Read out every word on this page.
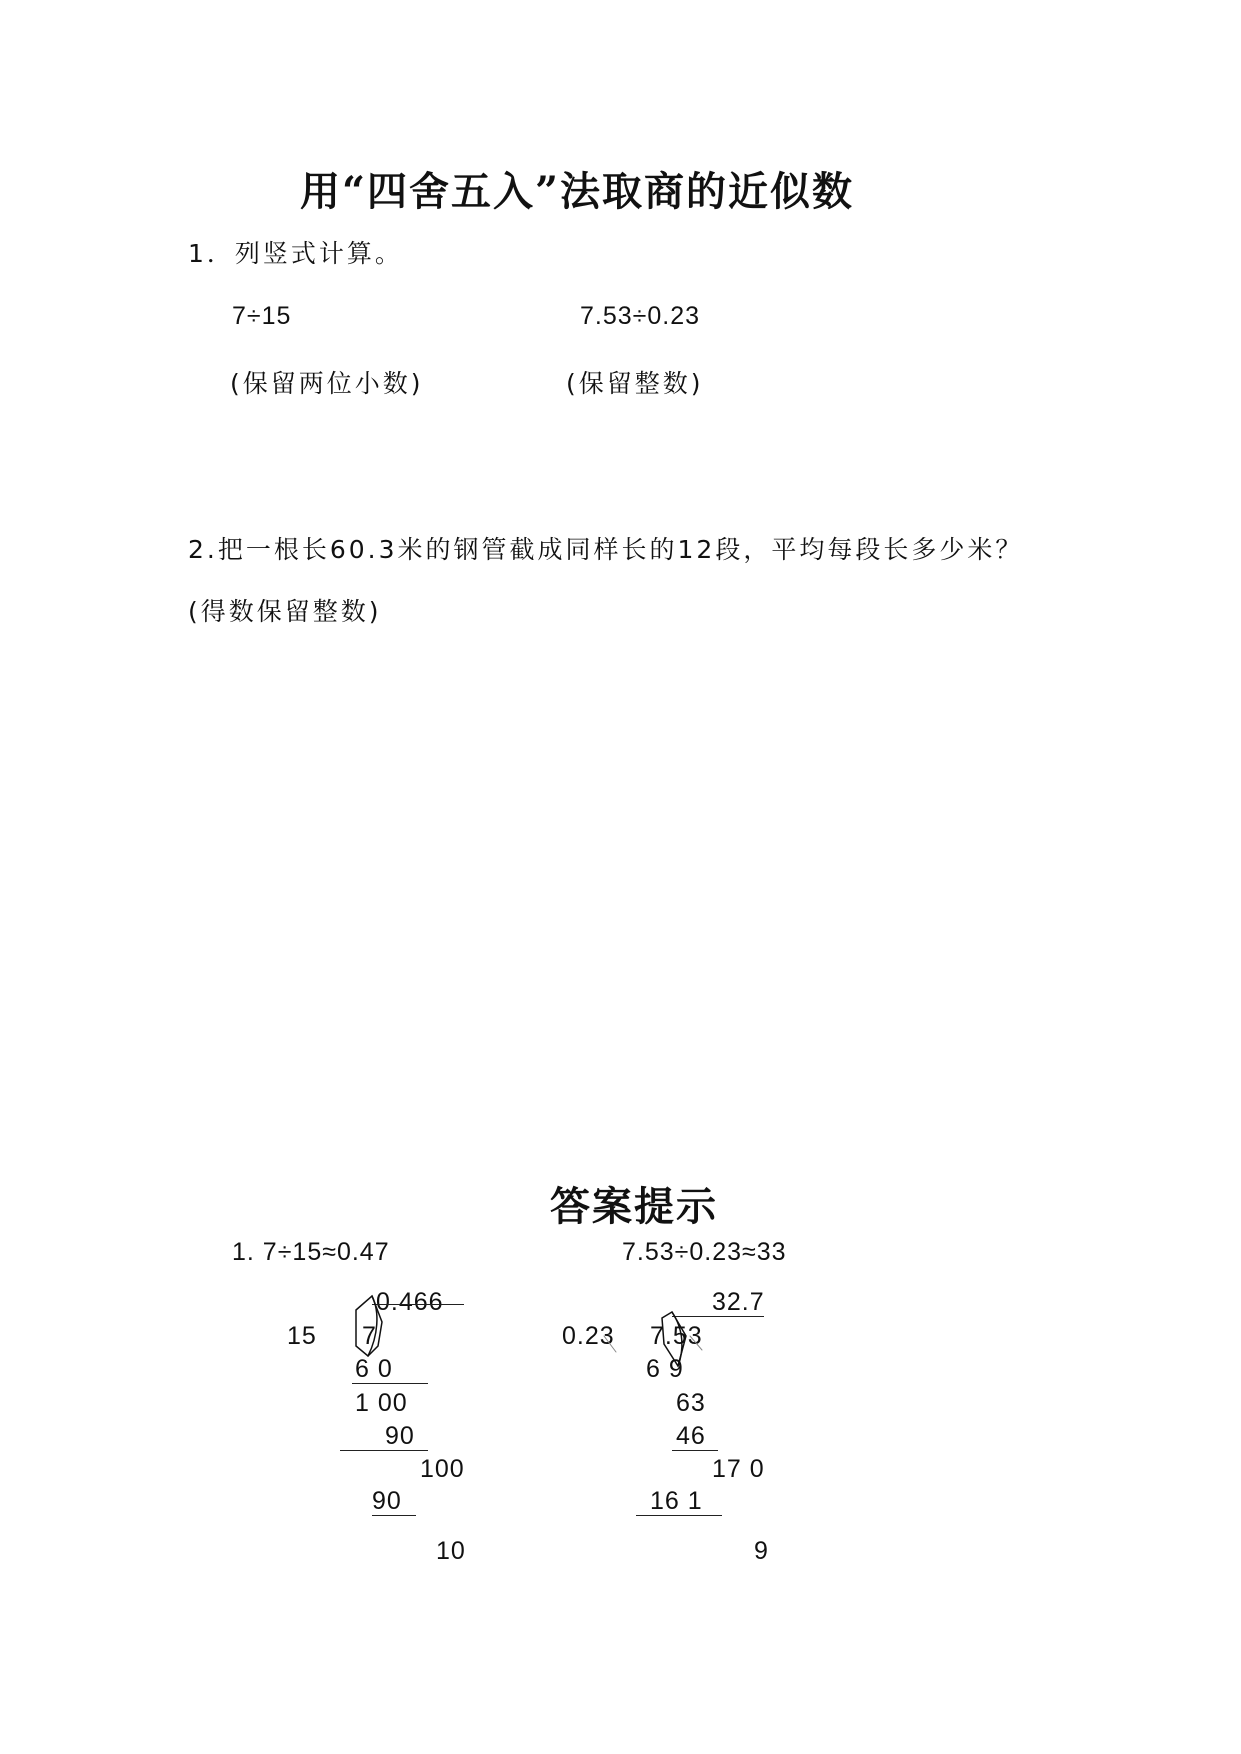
用“四舍五入”法取商的近似数
1．列竖式计算。
7÷15	7.53÷0.23
(保留两位小数)	(保留整数)
2.把一根长60.3米的钢管截成同样长的12段，平均每段长多少米？
(得数保留整数)
答案提示
1. 7÷15≈0.47	7.53÷0.23≈33
0.466
15 7
6 0
1 00
90
100
90
10
32.7
0.23 7.53
6 9
63
46
17 0
16 1
9
